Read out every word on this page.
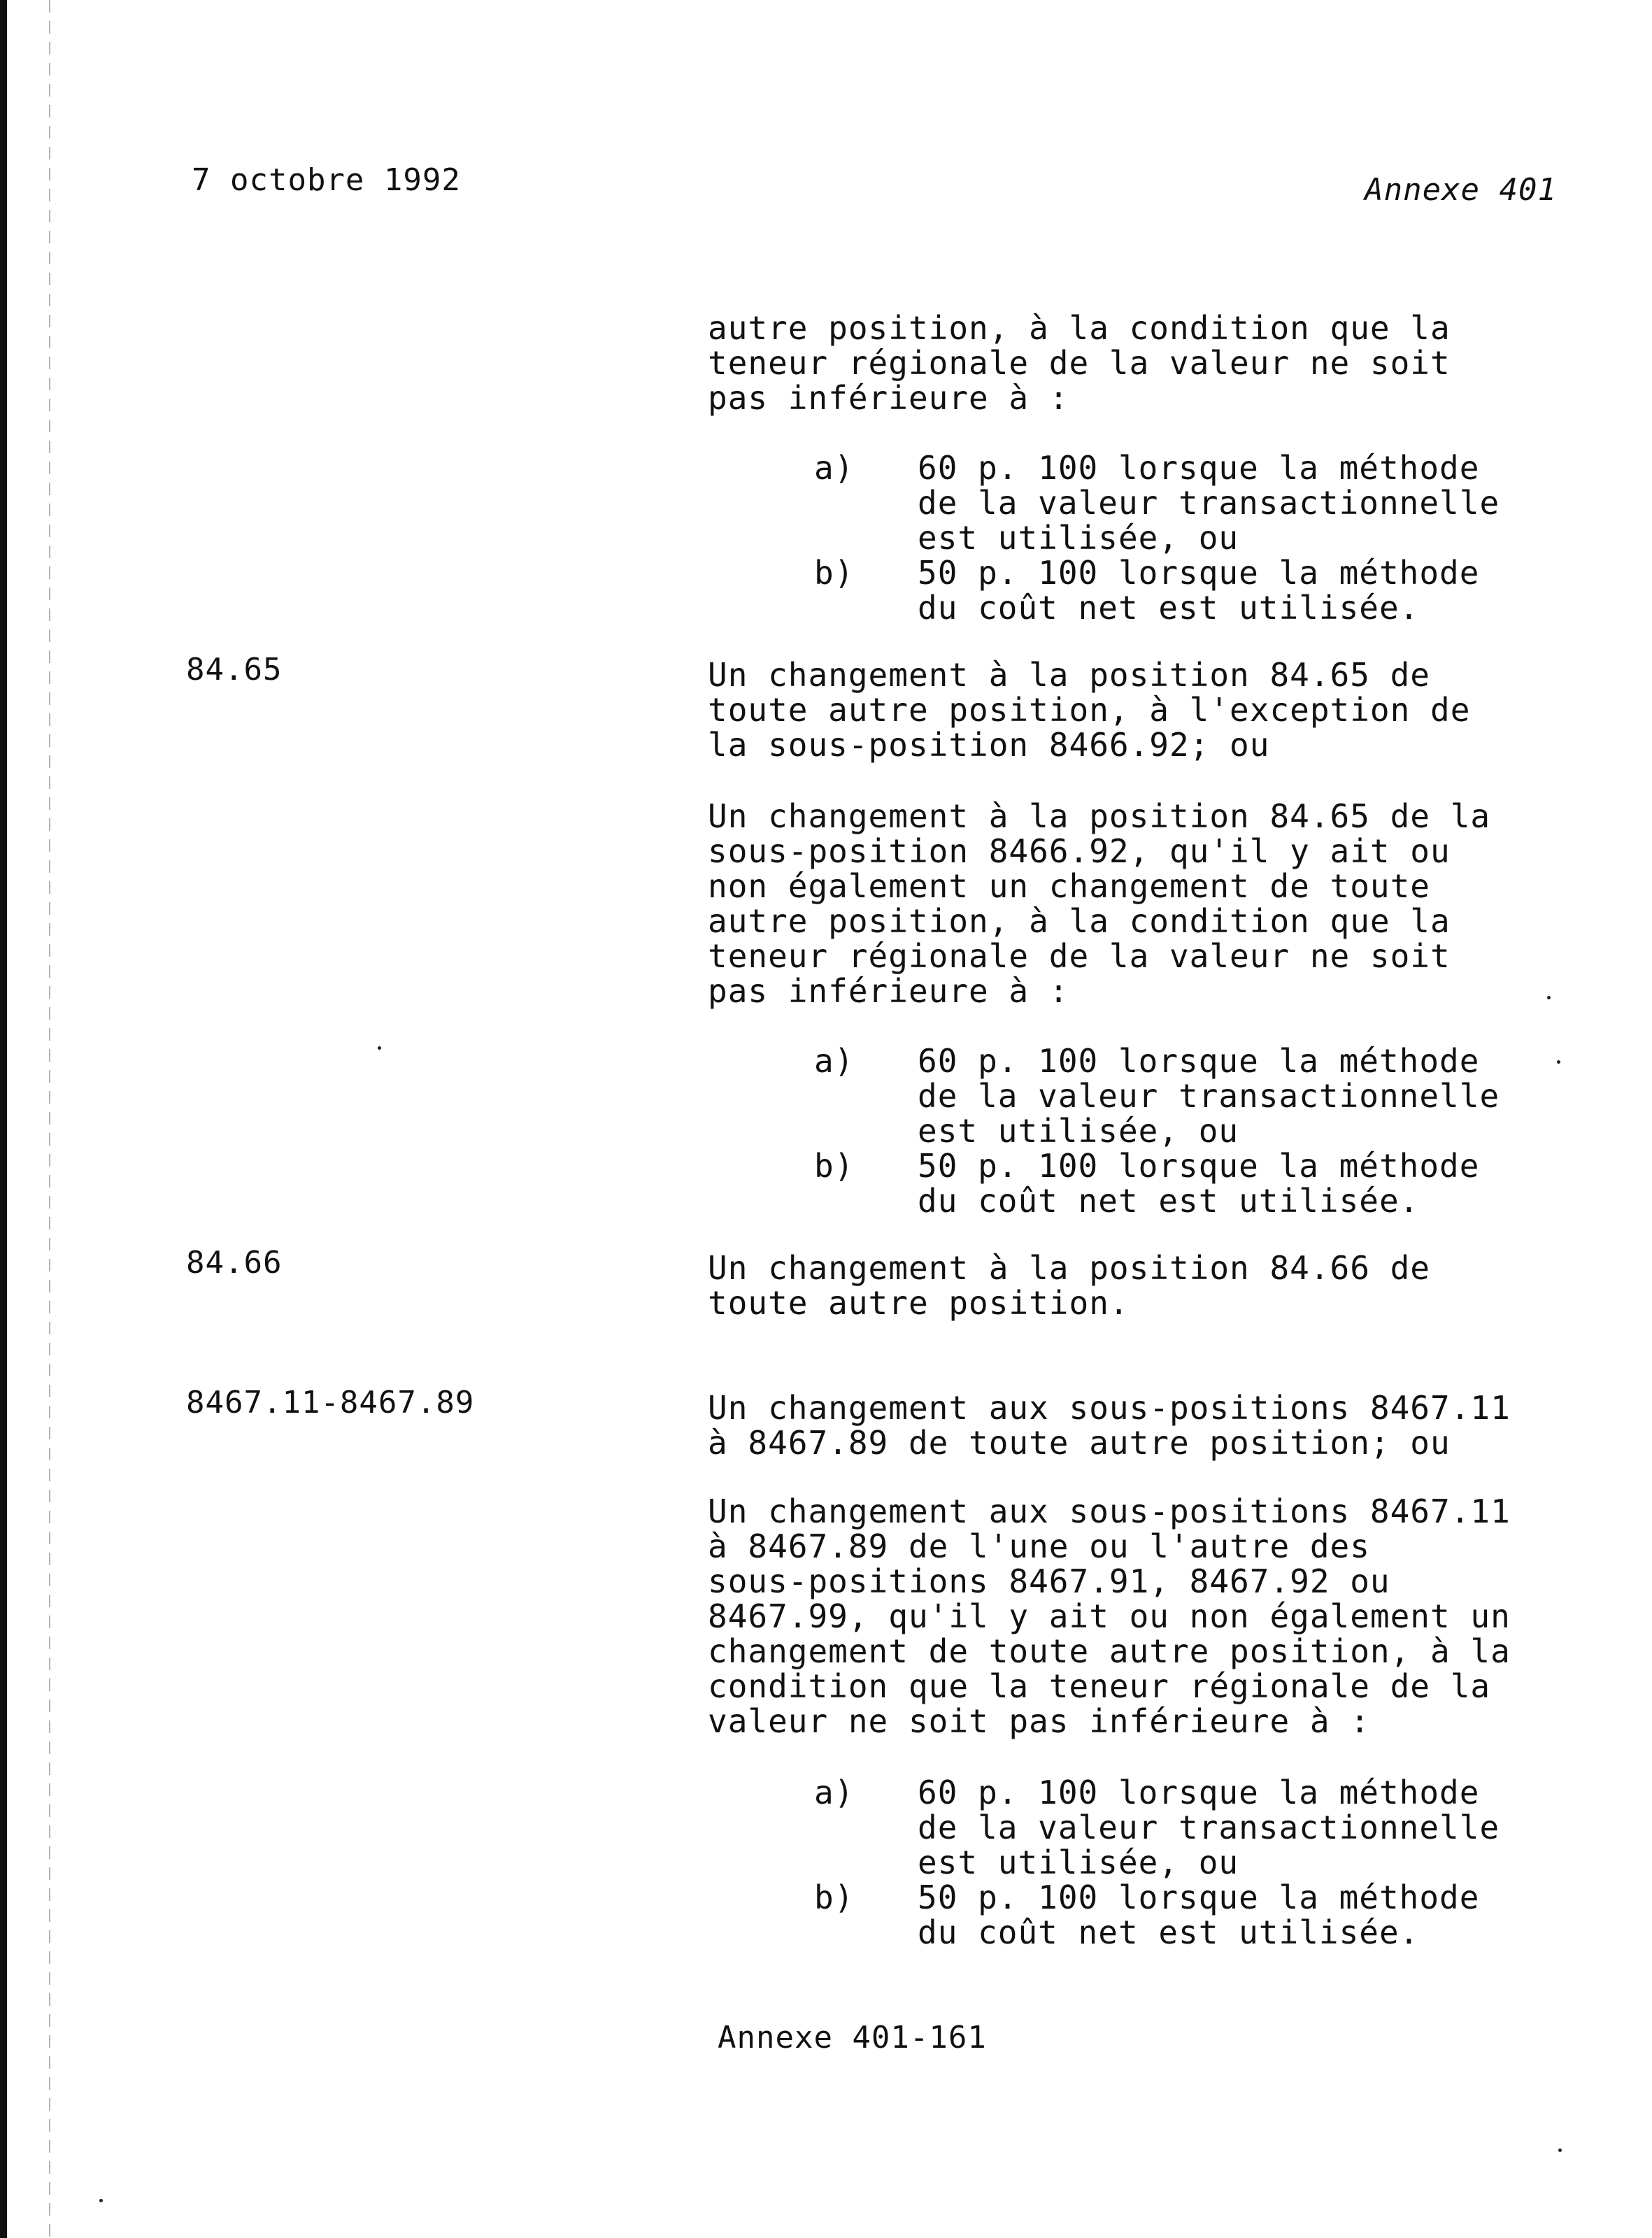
7 octobre 1992	Annexe 401
autre position, à la condition que la
teneur régionale de la valeur ne soit
pas inférieure à :
a) 60 p. 100 lorsque la méthode
de la valeur transactionnelle
est utilisée, ou
b) 50 p. 100 lorsque la méthode
du coût net est utilisée.
84.65	Un changement à la position 84.65 de
toute autre position, à l'exception de
la sous-position 8466.92; ou
Un changement à la position 84.65 de la
sous-position 8466.92, qu'il y ait ou
non également un changement de toute
autre position, à la condition que la
teneur régionale de la valeur ne soit
pas inférieure à :
a) 60 p. 100 lorsque la méthode
de la valeur transactionnelle
est utilisée, ou
b) 50 p. 100 lorsque la méthode
du coût net est utilisée.
84.66	Un changement à la position 84.66 de
toute autre position.
8467.11-8467.89	Un changement aux sous-positions 8467.11
à 8467.89 de toute autre position; ou
Un changement aux sous-positions 8467.11
à 8467.89 de l'une ou l'autre des
sous-positions 8467.91, 8467.92 ou
8467.99, qu'il y ait ou non également un
changement de toute autre position, à la
condition que la teneur régionale de la
valeur ne soit pas inférieure à :
a) 60 p. 100 lorsque la méthode
de la valeur transactionnelle
est utilisée, ou
b) 50 p. 100 lorsque la méthode
du coût net est utilisée.
Annexe 401-161
